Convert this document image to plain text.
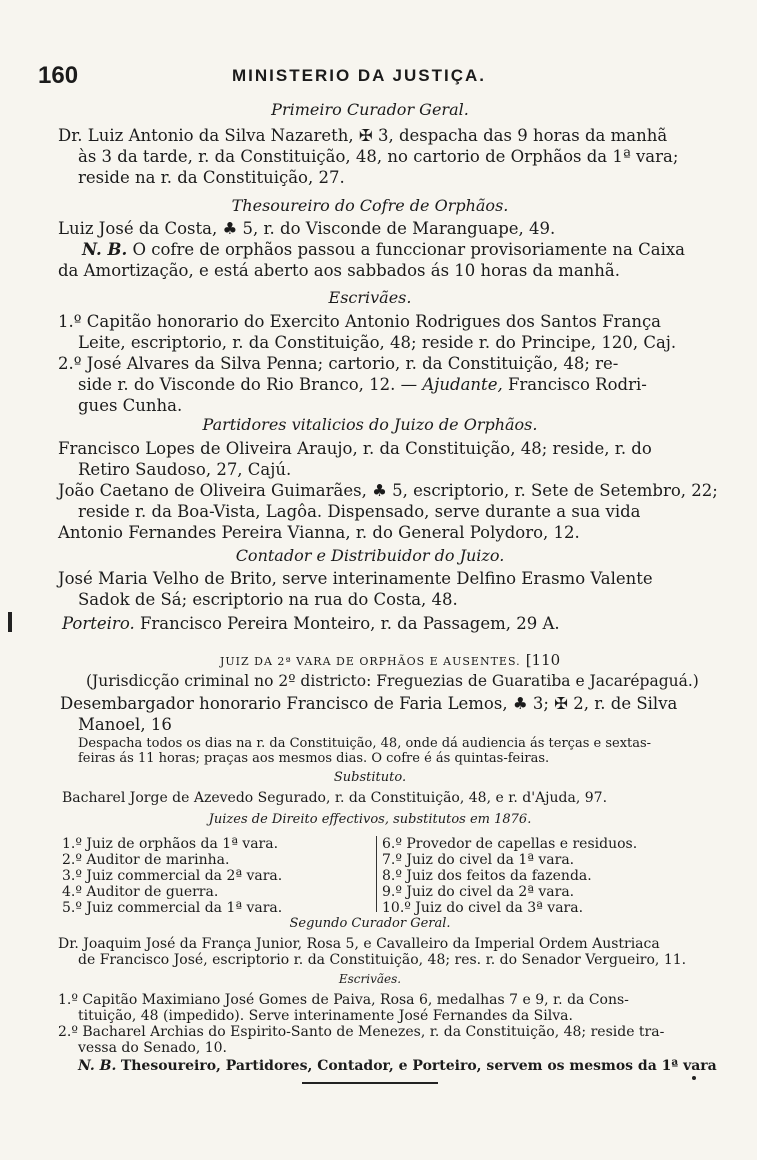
160	MINISTERIO DA JUSTIÇA.
Primeiro Curador Geral.
Dr. Luiz Antonio da Silva Nazareth, ✠ 3, despacha das 9 horas da manhã
às 3 da tarde, r. da Constituição, 48, no cartorio de Orphãos da 1ª vara;
reside na r. da Constituição, 27.
Thesoureiro do Cofre de Orphãos.
Luiz José da Costa, ♣ 5, r. do Visconde de Maranguape, 49.
N. B. O cofre de orphãos passou a funccionar provisoriamente na Caixa
da Amortização, e está aberto aos sabbados ás 10 horas da manhã.
Escrivães.
1.º Capitão honorario do Exercito Antonio Rodrigues dos Santos França
Leite, escriptorio, r. da Constituição, 48; reside r. do Principe, 120, Caj.
2.º José Alvares da Silva Penna; cartorio, r. da Constituição, 48; re-
side r. do Visconde do Rio Branco, 12. — Ajudante, Francisco Rodri-
gues Cunha.
Partidores vitalicios do Juizo de Orphãos.
Francisco Lopes de Oliveira Araujo, r. da Constituição, 48; reside, r. do
Retiro Saudoso, 27, Cajú.
João Caetano de Oliveira Guimarães, ♣ 5, escriptorio, r. Sete de Setembro, 22;
reside r. da Boa-Vista, Lagôa. Dispensado, serve durante a sua vida
Antonio Fernandes Pereira Vianna, r. do General Polydoro, 12.
Contador e Distribuidor do Juizo.
José Maria Velho de Brito, serve interinamente Delfino Erasmo Valente
Sadok de Sá; escriptorio na rua do Costa, 48.
Porteiro. Francisco Pereira Monteiro, r. da Passagem, 29 A.
JUIZ DA 2ª VARA DE ORPHÃOS E AUSENTES. [110
(Jurisdicção criminal no 2º districto: Freguezias de Guaratiba e Jacarépaguá.)
Desembargador honorario Francisco de Faria Lemos, ♣ 3; ✠ 2, r. de Silva
Manoel, 16
Despacha todos os dias na r. da Constituição, 48, onde dá audiencia ás terças e sextas-
feiras ás 11 horas; praças aos mesmos dias. O cofre é ás quintas-feiras.
Substituto.
Bacharel Jorge de Azevedo Segurado, r. da Constituição, 48, e r. d'Ajuda, 97.
Juizes de Direito effectivos, substitutos em 1876.
1.º Juiz de orphãos da 1ª vara.
2.º Auditor de marinha.
3.º Juiz commercial da 2ª vara.
4.º Auditor de guerra.
5.º Juiz commercial da 1ª vara.
6.º Provedor de capellas e residuos.
7.º Juiz do civel da 1ª vara.
8.º Juiz dos feitos da fazenda.
9.º Juiz do civel da 2ª vara.
10.º Juiz do civel da 3ª vara.
Segundo Curador Geral.
Dr. Joaquim José da França Junior, Rosa 5, e Cavalleiro da Imperial Ordem Austriaca
de Francisco José, escriptorio r. da Constituição, 48; res. r. do Senador Vergueiro, 11.
Escrivães.
1.º Capitão Maximiano José Gomes de Paiva, Rosa 6, medalhas 7 e 9, r. da Cons-
tituição, 48 (impedido). Serve interinamente José Fernandes da Silva.
2.º Bacharel Archias do Espirito-Santo de Menezes, r. da Constituição, 48; reside tra-
vessa do Senado, 10.
N. B. Thesoureiro, Partidores, Contador, e Porteiro, servem os mesmos da 1ª vara
